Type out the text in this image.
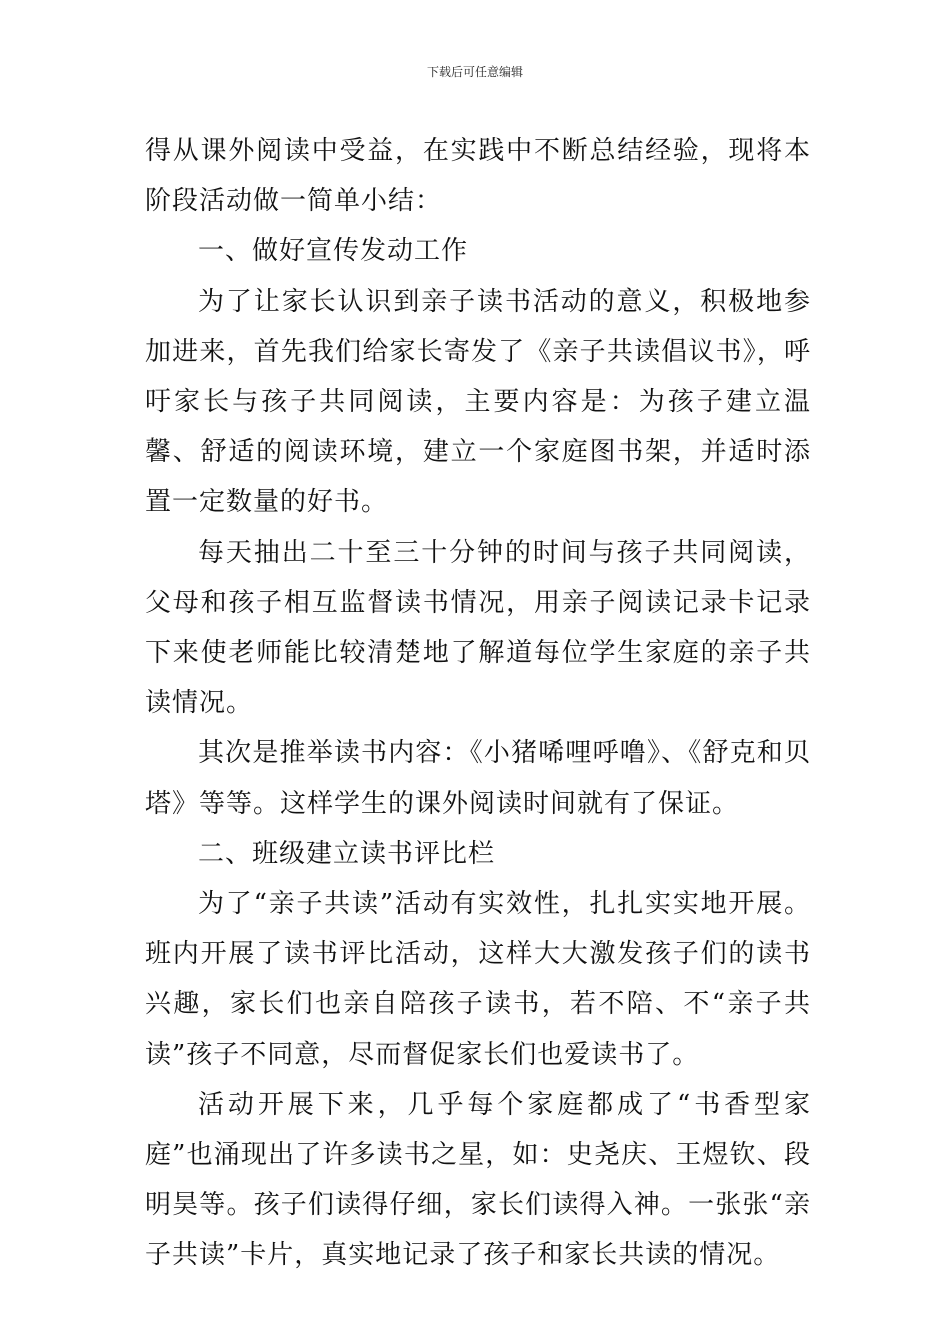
下载后可任意编辑

得从课外阅读中受益，在实践中不断总结经验，现将本阶段活动做一简单小结：

一、做好宣传发动工作

为了让家长认识到亲子读书活动的意义，积极地参加进来，首先我们给家长寄发了《亲子共读倡议书》，呼吁家长与孩子共同阅读，主要内容是：为孩子建立温馨、舒适的阅读环境，建立一个家庭图书架，并适时添置一定数量的好书。

每天抽出二十至三十分钟的时间与孩子共同阅读，父母和孩子相互监督读书情况，用亲子阅读记录卡记录下来使老师能比较清楚地了解道每位学生家庭的亲子共读情况。

其次是推举读书内容：《小猪唏哩呼噜》、《舒克和贝塔》等等。这样学生的课外阅读时间就有了保证。

二、班级建立读书评比栏

为了“亲子共读”活动有实效性，扎扎实实地开展。班内开展了读书评比活动，这样大大激发孩子们的读书兴趣，家长们也亲自陪孩子读书，若不陪、不“亲子共读”孩子不同意，尽而督促家长们也爱读书了。

活动开展下来，几乎每个家庭都成了“书香型家庭”也涌现出了许多读书之星，如：史尧庆、王煜钦、段明昊等。孩子们读得仔细，家长们读得入神。一张张“亲子共读”卡片，真实地记录了孩子和家长共读的情况。
